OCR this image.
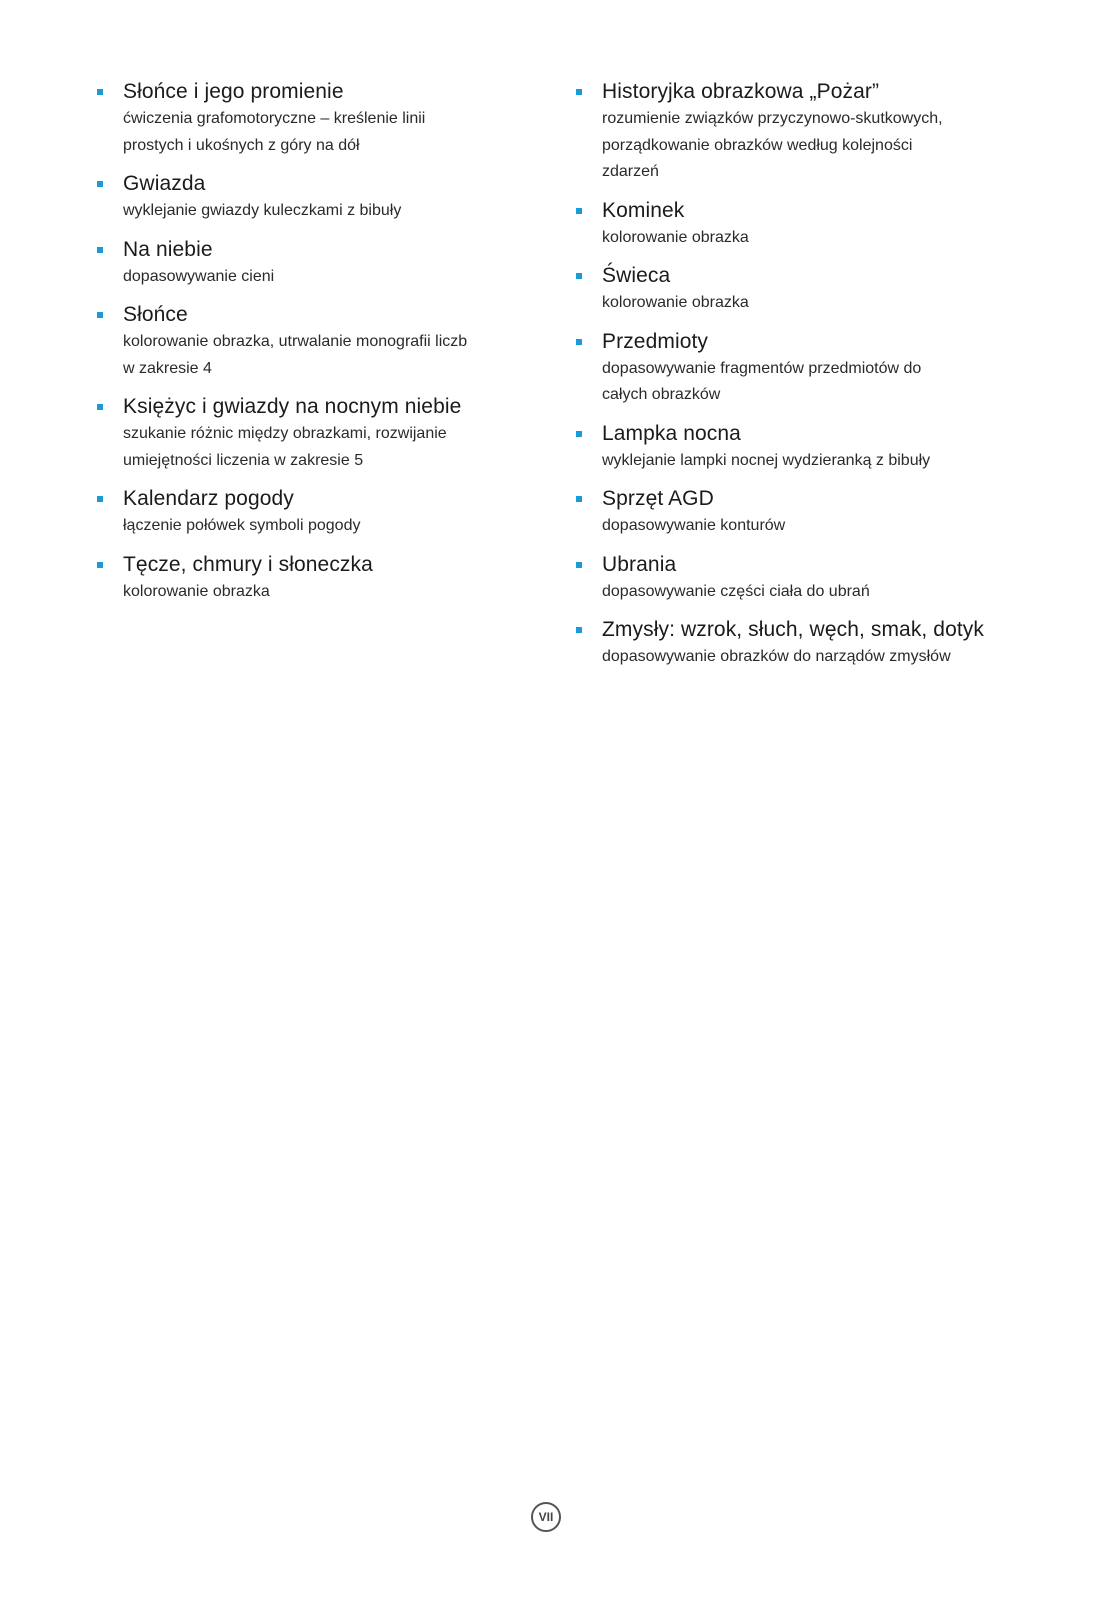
Słońce i jego promienie
ćwiczenia grafomotoryczne – kreślenie linii
prostych i ukośnych z góry na dół
Gwiazda
wyklejanie gwiazdy kuleczkami z bibuły
Na niebie
dopasowywanie cieni
Słońce
kolorowanie obrazka, utrwalanie monografii liczb
w zakresie 4
Księżyc i gwiazdy na nocnym niebie
szukanie różnic między obrazkami, rozwijanie
umiejętności liczenia w zakresie 5
Kalendarz pogody
łączenie połówek symboli pogody
Tęcze, chmury i słoneczka
kolorowanie obrazka
Historyjka obrazkowa „Pożar”
rozumienie związków przyczynowo-skutkowych,
porządkowanie obrazków według kolejności
zdarzeń
Kominek
kolorowanie obrazka
Świeca
kolorowanie obrazka
Przedmioty
dopasowywanie fragmentów przedmiotów do
całych obrazków
Lampka nocna
wyklejanie lampki nocnej wydzieranką z bibuły
Sprzęt AGD
dopasowywanie konturów
Ubrania
dopasowywanie części ciała do ubrań
Zmysły: wzrok, słuch, węch, smak, dotyk
dopasowywanie obrazków do narządów zmysłów
VII
